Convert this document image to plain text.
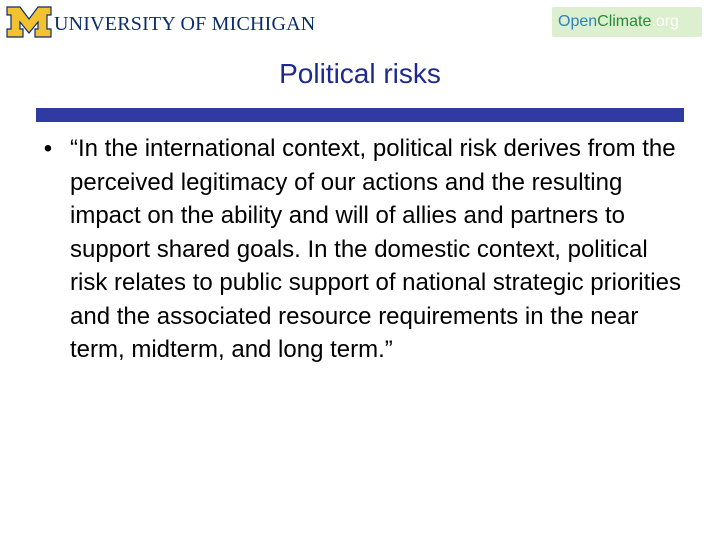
UNIVERSITY OF MICHIGAN	Open Climate .org
Political risks
• “In the international context, political risk derives from the perceived legitimacy of our actions and the resulting impact on the ability and will of allies and partners to support shared goals. In the domestic context, political risk relates to public support of national strategic priorities and the associated resource requirements in the near term, midterm, and long term.”
